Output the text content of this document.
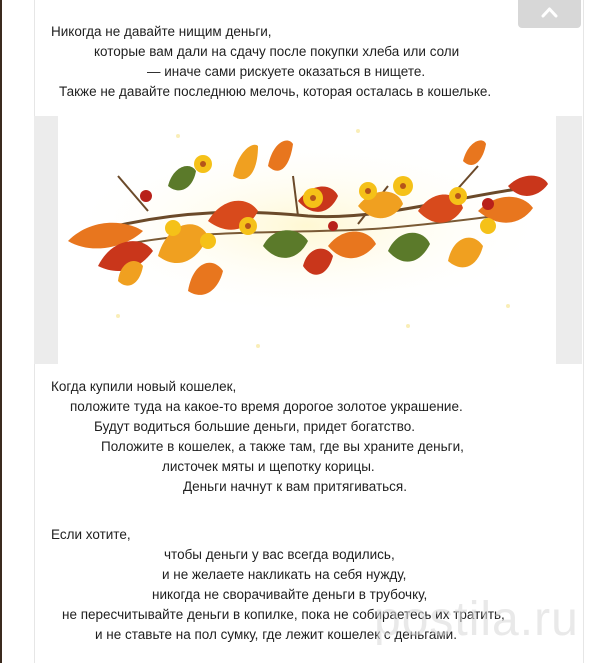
Никогда не давайте нищим деньги,
которые вам дали на сдачу после покупки хлеба или соли
— иначе сами рискуете оказаться в нищете.
Также не давайте последнюю мелочь, которая осталась в кошельке.
Когда купили новый кошелек,
положите туда на какое-то время дорогое золотое украшение.
Будут водиться большие деньги, придет богатство.
Положите в кошелек, а также там, где вы храните деньги,
листочек мяты и щепотку корицы.
Деньги начнут к вам притягиваться.
Если хотите,
чтобы деньги у вас всегда водились,
и не желаете накликать на себя нужду,
никогда не сворачивайте деньги в трубочку,
не пересчитывайте деньги в копилке, пока не собираетесь их тратить,
и не ставьте на пол сумку, где лежит кошелек с деньгами.
postila.ru
